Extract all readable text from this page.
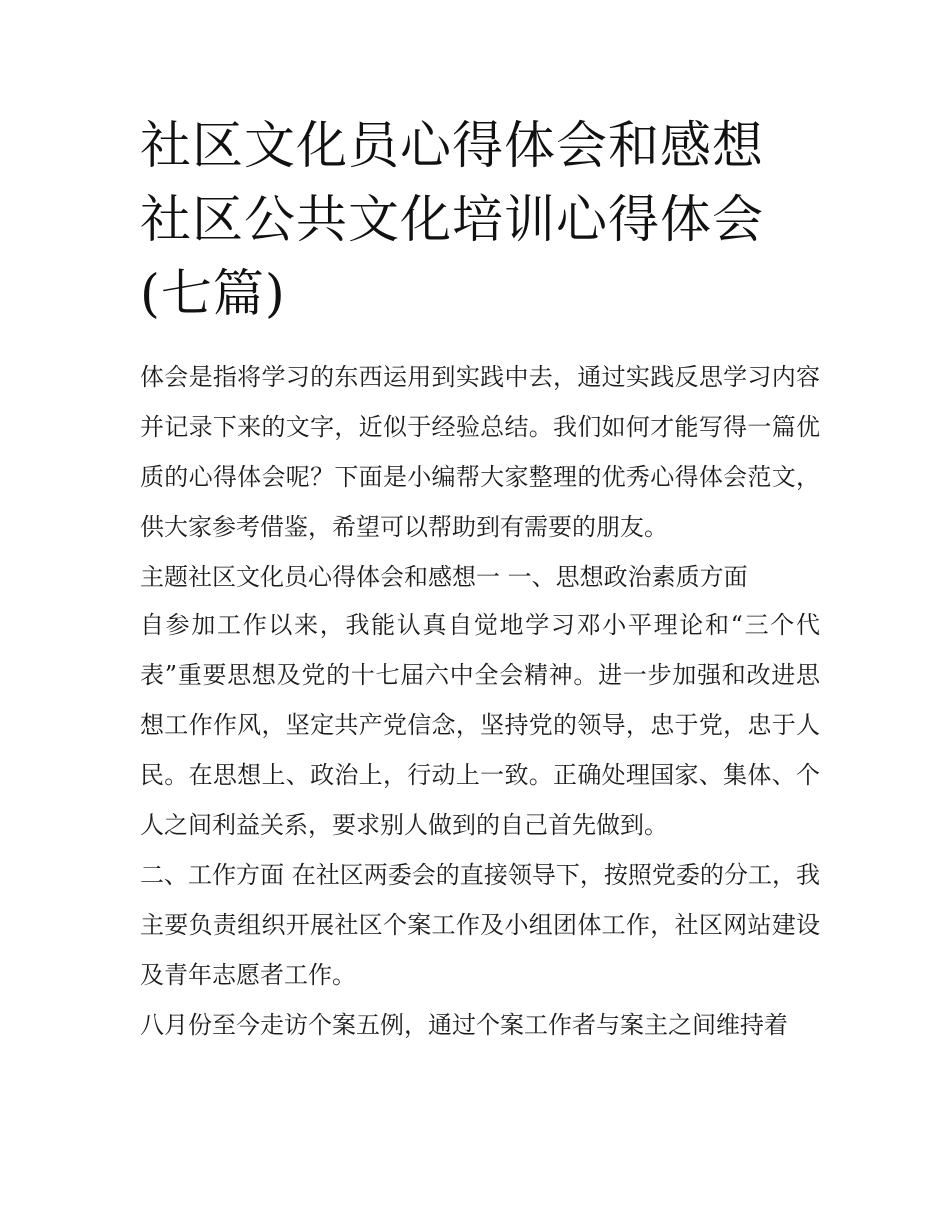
社区文化员心得体会和感想 社区公共文化培训心得体会(七篇)

体会是指将学习的东西运用到实践中去，通过实践反思学习内容并记录下来的文字，近似于经验总结。我们如何才能写得一篇优质的心得体会呢？下面是小编帮大家整理的优秀心得体会范文，供大家参考借鉴，希望可以帮助到有需要的朋友。

主题社区文化员心得体会和感想一 一、思想政治素质方面

自参加工作以来，我能认真自觉地学习邓小平理论和“三个代表”重要思想及党的十七届六中全会精神。进一步加强和改进思想工作作风，坚定共产党信念，坚持党的领导，忠于党，忠于人民。在思想上、政治上，行动上一致。正确处理国家、集体、个人之间利益关系，要求别人做到的自己首先做到。

二、工作方面 在社区两委会的直接领导下，按照党委的分工，我主要负责组织开展社区个案工作及小组团体工作，社区网站建设及青年志愿者工作。

八月份至今走访个案五例，通过个案工作者与案主之间维持着
